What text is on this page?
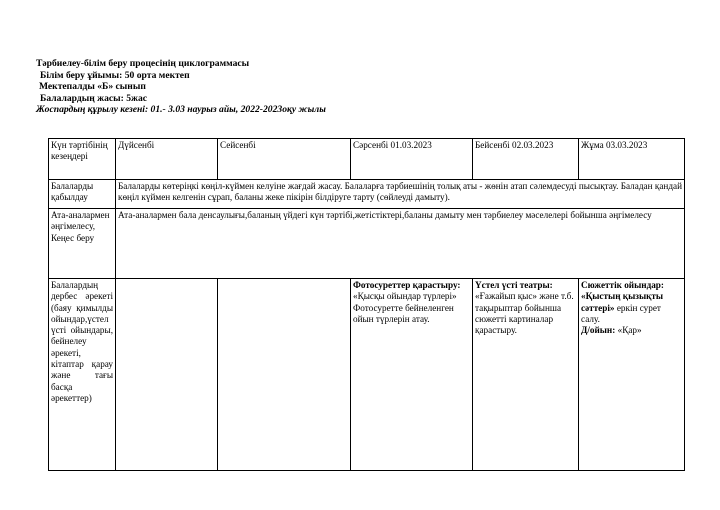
Тәрбиелеу-білім беру процесінің циклограммасы
Білім беру ұйымы: 50 орта мектеп
Мектепалды «Б» сынып
Балалардың жасы: 5жас
Жоспардың құрылу кезені: 01.- 3.03 наурыз айы, 2022-2023оқу жылы
Күн тәртібінің кезеңдері	Дүйсенбі	Сейсенбі	Сәрсенбі 01.03.2023	Бейсенбі 02.03.2023	Жұма 03.03.2023
Балаларды қабылдау	Балаларды көтеріңкі көңіл-күймен келуіне жағдай жасау. Балаларға тәрбиешінің толық аты - жөнін атап сәлемдесуді пысықтау. Баладан қандай көңіл күймен келгенін сұрап, баланы жеке пікірін білдіруге тарту (сөйлеуді дамыту).				
Ата-аналармен әңгімелесу, Кеңес беру	Ата-аналармен бала денсаулығы,баланың үйдегі күн тәртібі,жетістіктері,баланы дамыту мен тәрбиелеу мәселелері бойынша әңгімелесу				
Балалардың дербес әрекеті (баяу қимылды ойындар,үстел үсті ойындары, бейнелеу әрекеті, кітаптар қарау және тағы басқа әрекеттер)			Фотосуреттер қарастыру: «Қысқы ойындар түрлері» Фотосуретте бейнеленген ойын түрлерін атау.	Үстел үсті театры: «Ғажайып қыс» және т.б. тақырыптар бойынша сюжетті картиналар қарастыру.	Сюжеттік ойындар: «Қыстың қызықты сәттері» еркін сурет салу.
Д/ойын: «Қар»
